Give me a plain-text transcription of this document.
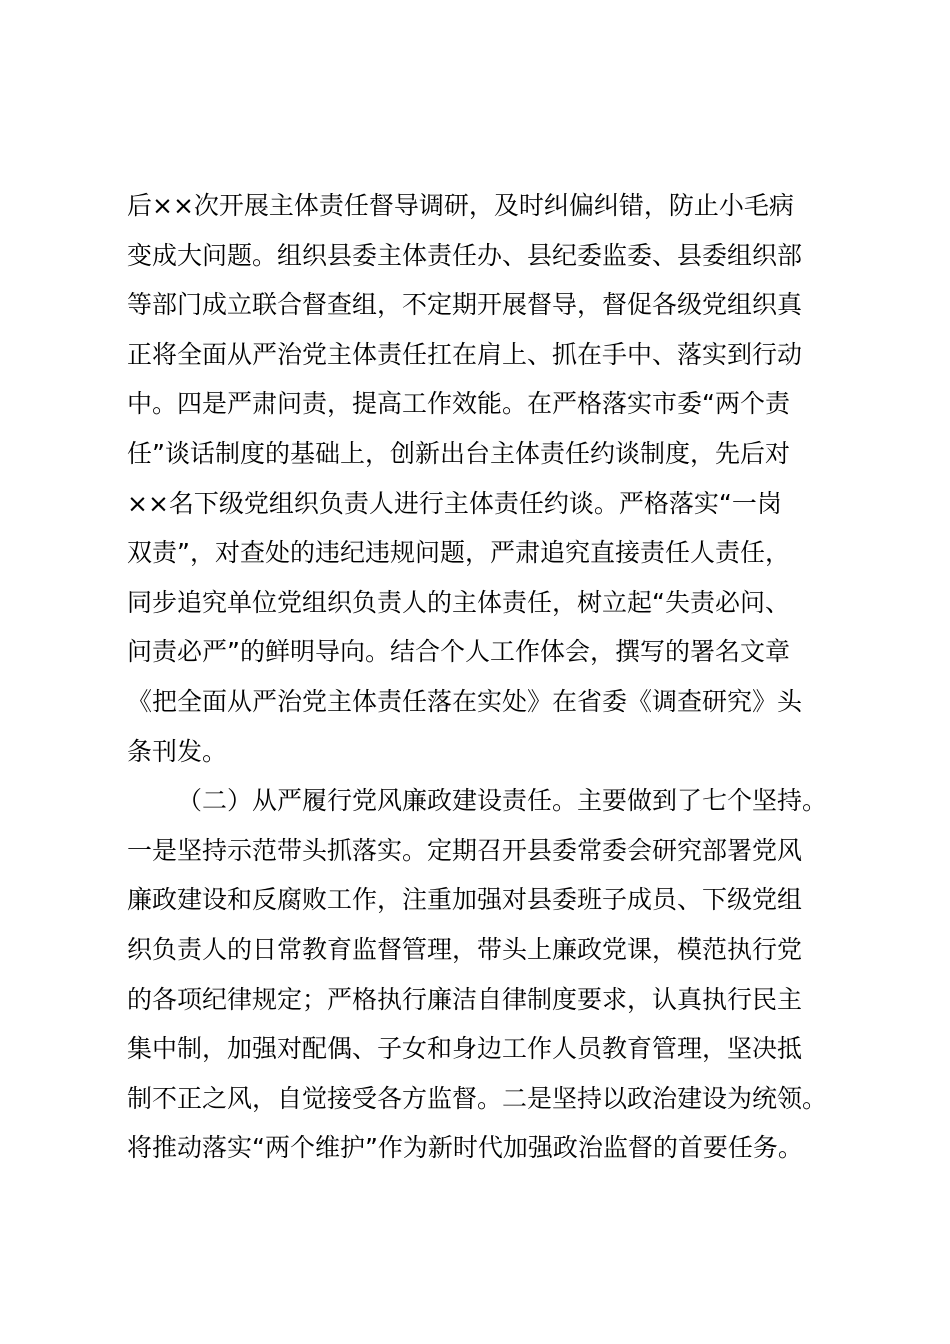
后××次开展主体责任督导调研，及时纠偏纠错，防止小毛病
变成大问题。组织县委主体责任办、县纪委监委、县委组织部
等部门成立联合督查组，不定期开展督导，督促各级党组织真
正将全面从严治党主体责任扛在肩上、抓在手中、落实到行动
中。四是严肃问责，提高工作效能。在严格落实市委“两个责
任”谈话制度的基础上，创新出台主体责任约谈制度，先后对
××名下级党组织负责人进行主体责任约谈。严格落实“一岗
双责”，对查处的违纪违规问题，严肃追究直接责任人责任，
同步追究单位党组织负责人的主体责任，树立起“失责必问、
问责必严”的鲜明导向。结合个人工作体会，撰写的署名文章
《把全面从严治党主体责任落在实处》在省委《调查研究》头
条刊发。
（二）从严履行党风廉政建设责任。主要做到了七个坚持。
一是坚持示范带头抓落实。定期召开县委常委会研究部署党风
廉政建设和反腐败工作，注重加强对县委班子成员、下级党组
织负责人的日常教育监督管理，带头上廉政党课，模范执行党
的各项纪律规定；严格执行廉洁自律制度要求，认真执行民主
集中制，加强对配偶、子女和身边工作人员教育管理，坚决抵
制不正之风，自觉接受各方监督。二是坚持以政治建设为统领。
将推动落实“两个维护”作为新时代加强政治监督的首要任务。
